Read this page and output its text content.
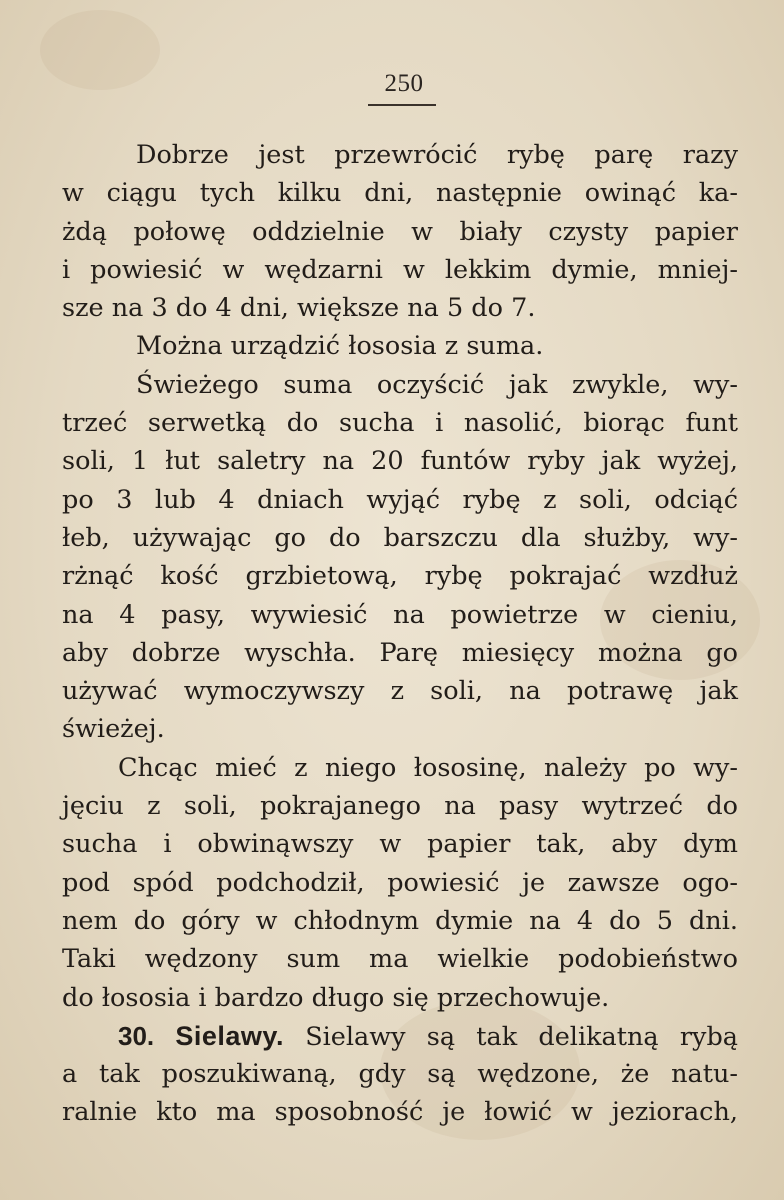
250
Dobrze jest przewrócić rybę parę razy
w ciągu tych kilku dni, następnie owinąć ka-
żdą połowę oddzielnie w biały czysty papier
i powiesić w wędzarni w lekkim dymie, mniej-
sze na 3 do 4 dni, większe na 5 do 7.
Można urządzić łososia z suma.
Świeżego suma oczyścić jak zwykle, wy-
trzeć serwetką do sucha i nasolić, biorąc funt
soli, 1 łut saletry na 20 funtów ryby jak wyżej,
po 3 lub 4 dniach wyjąć rybę z soli, odciąć
łeb, używając go do barszczu dla służby, wy-
rżnąć kość grzbietową, rybę pokrajać wzdłuż
na 4 pasy, wywiesić na powietrze w cieniu,
aby dobrze wyschła. Parę miesięcy można go
używać wymoczywszy z soli, na potrawę jak
świeżej.
Chcąc mieć z niego łososinę, należy po wy-
jęciu z soli, pokrajanego na pasy wytrzeć do
sucha i obwinąwszy w papier tak, aby dym
pod spód podchodził, powiesić je zawsze ogo-
nem do góry w chłodnym dymie na 4 do 5 dni.
Taki wędzony sum ma wielkie podobieństwo
do łososia i bardzo długo się przechowuje.
30. Sielawy. Sielawy są tak delikatną rybą
a tak poszukiwaną, gdy są wędzone, że natu-
ralnie kto ma sposobność je łowić w jeziorach,
